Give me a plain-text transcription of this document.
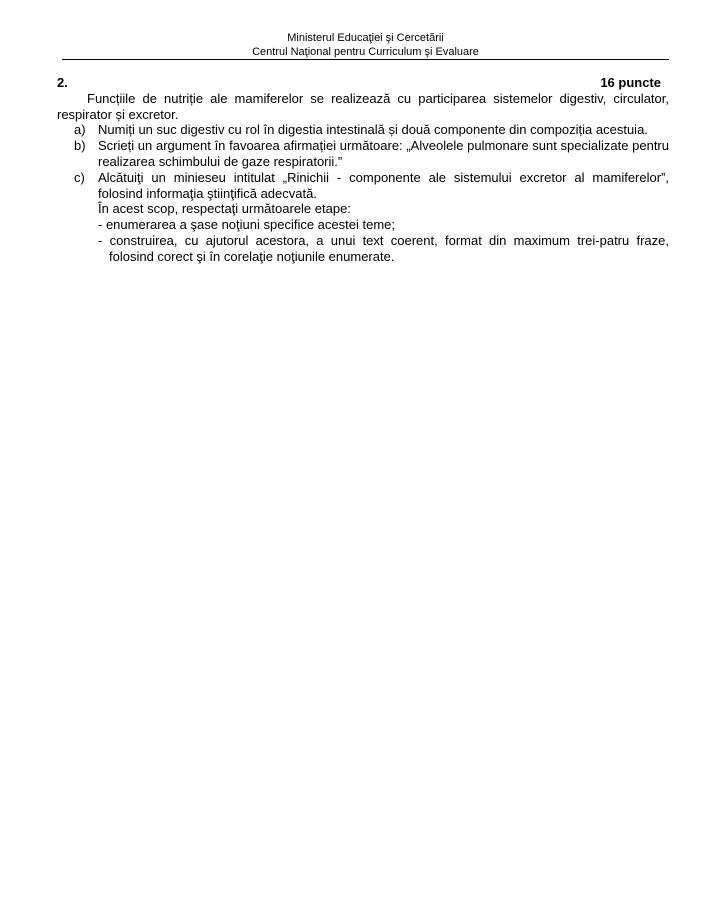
Ministerul Educaţiei şi Cercetării
Centrul Naţional pentru Curriculum şi Evaluare
2.	16 puncte

Funcțiile de nutriție ale mamiferelor se realizează cu participarea sistemelor digestiv, circulator, respirator și excretor.

a) Numiți un suc digestiv cu rol în digestia intestinală și două componente din compoziția acestuia.
b) Scrieți un argument în favoarea afirmației următoare: „Alveolele pulmonare sunt specializate pentru realizarea schimbului de gaze respiratorii.”
c)	Alcătuiţi un minieseu intitulat „Rinichii - componente ale sistemului excretor al mamiferelor”, folosind informaţia ştiinţifică adecvată.
În acest scop, respectaţi următoarele etape:
- enumerarea a şase noţiuni specifice acestei teme;
- construirea, cu ajutorul acestora, a unui text coerent, format din maximum trei-patru fraze, folosind corect şi în corelaţie noţiunile enumerate.
